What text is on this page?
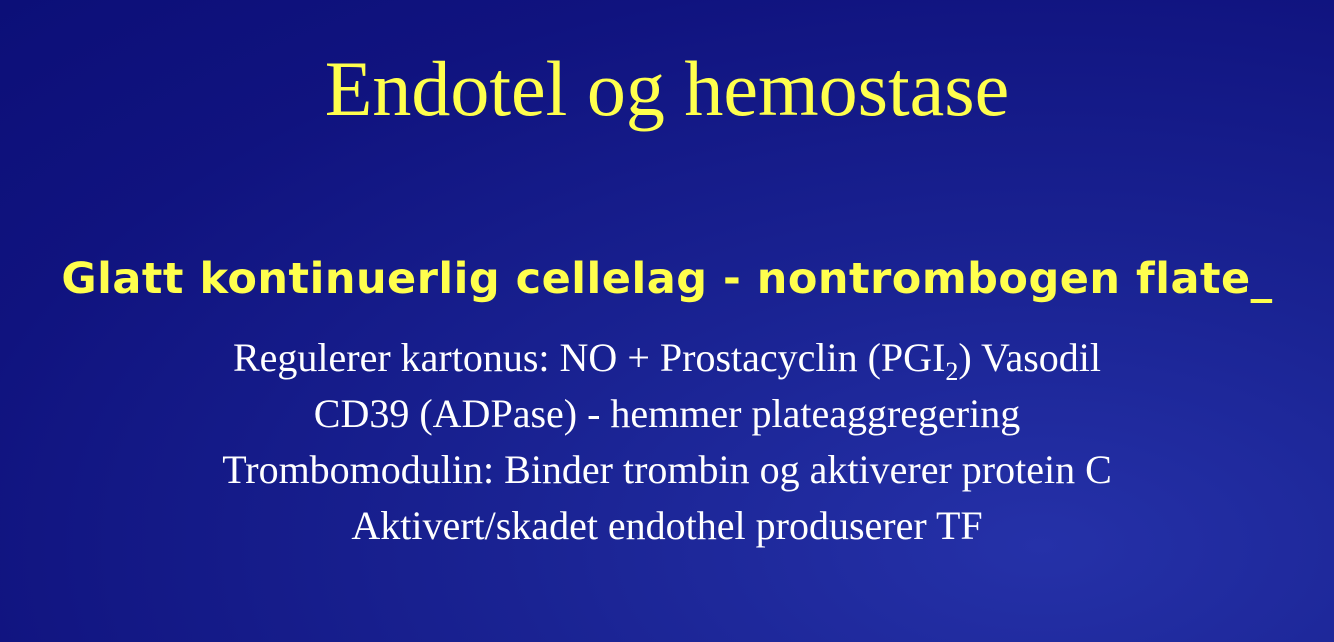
Endotel og hemostase
Glatt kontinuerlig cellelag - nontrombogen flate_
Regulerer kartonus: NO + Prostacyclin $(PGI_2)$ Vasodil
CD39 (ADPase) - hemmer plateaggregering
Trombomodulin: Binder trombin og aktiverer protein C
Aktivert/skadet endothel produserer TF
